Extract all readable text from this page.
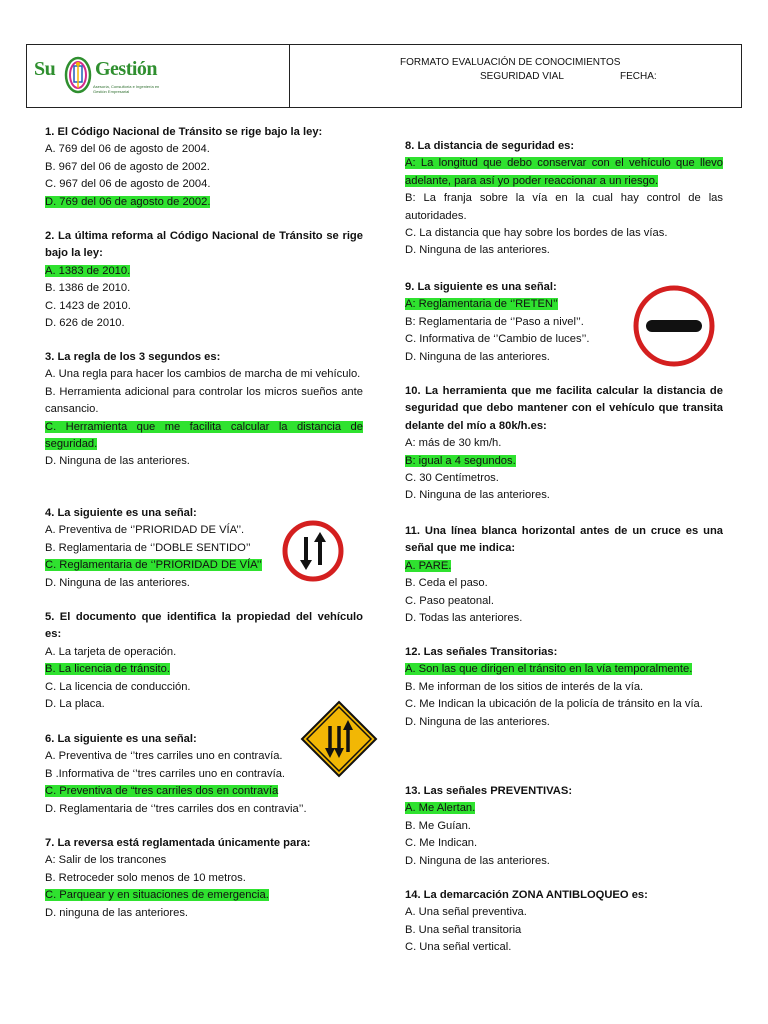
Su Gestión
Asesoría, Consultoría e Ingeniería en Gestión Empresarial
FORMATO EVALUACIÓN DE CONOCIMIENTOS
SEGURIDAD VIAL	FECHA:
1. El Código Nacional de Tránsito se rige bajo la ley:
A. 769 del 06 de agosto de 2004.
B. 967 del 06 de agosto de 2002.
C. 967 del 06 de agosto de 2004.
D. 769 del 06 de agosto de 2002.
2. La última reforma al Código Nacional de Tránsito se rige bajo la ley:
A. 1383 de 2010.
B. 1386 de 2010.
C. 1423 de 2010.
D. 626 de 2010.
3. La regla de los 3 segundos es:
A. Una regla para hacer los cambios de marcha de mi vehículo.
B. Herramienta adicional para controlar los micros sueños ante cansancio.
C. Herramienta que me facilita calcular la distancia de seguridad.
D. Ninguna de las anteriores.
4. La siguiente es una señal:
A. Preventiva de ‘’PRIORIDAD DE VÍA’’.
B. Reglamentaria de ‘’DOBLE SENTIDO’’
C. Reglamentaria de ‘’PRIORIDAD DE VÍA’’
D. Ninguna de las anteriores.
5. El documento que identifica la propiedad del vehículo es:
A. La tarjeta de operación.
B. La licencia de tránsito.
C. La licencia de conducción.
D. La placa.
6. La siguiente es una señal:
A. Preventiva de ‘’tres carriles uno en contravía.
B .Informativa de ‘’tres carriles uno en contravía.
C. Preventiva de “tres carriles dos en contravía
D. Reglamentaria de ‘’tres carriles dos en contravia’’.
7. La reversa está reglamentada únicamente para:
A: Salir de los trancones
B. Retroceder solo menos de 10 metros.
C. Parquear y en situaciones de emergencia.
D. ninguna de las anteriores.
8. La distancia de seguridad es:
A: La longitud que debo conservar con el vehículo que llevo adelante, para así yo poder reaccionar a un riesgo.
B: La franja sobre la vía en la cual hay control de las autoridades.
C. La distancia que hay sobre los bordes de las vías.
D. Ninguna de las anteriores.
9. La siguiente es una señal:
A: Reglamentaria de ‘’RETEN’’
B: Reglamentaria de ‘’Paso a nivel’’.
C. Informativa de ‘’Cambio de luces’’.
D. Ninguna de las anteriores.
10. La herramienta que me facilita calcular la distancia de seguridad que debo mantener con el vehículo que transita delante del mío a 80k/h.es:
A: más de 30 km/h.
B: igual a 4 segundos.
C. 30 Centímetros.
D. Ninguna de las anteriores.
11. Una línea blanca horizontal antes de un cruce es una señal que me indica:
A. PARE.
B. Ceda el paso.
C. Paso peatonal.
D. Todas las anteriores.
12. Las señales Transitorias:
A. Son las que dirigen el tránsito en la vía temporalmente.
B. Me informan de los sitios de interés de la vía.
C. Me Indican la ubicación de la policía de tránsito en la vía.
D. Ninguna de las anteriores.
13. Las señales PREVENTIVAS:
A. Me Alertan.
B. Me Guían.
C. Me Indican.
D. Ninguna de las anteriores.
14. La demarcación ZONA ANTIBLOQUEO es:
A. Una señal preventiva.
B. Una señal transitoria
C. Una señal vertical.
